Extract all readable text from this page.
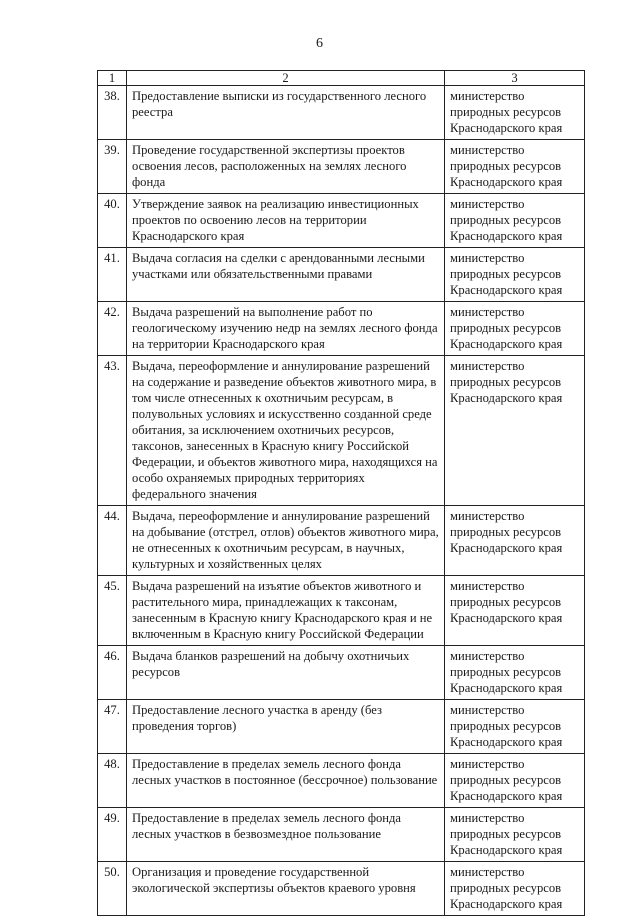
6
1	2	3
38.	Предоставление выписки из государственного лесного реестра	министерство природных ресурсов Краснодарского края
39.	Проведение государственной экспертизы проектов освоения лесов, расположенных на землях лесного фонда	министерство природных ресурсов Краснодарского края
40.	Утверждение заявок на реализацию инвестиционных проектов по освоению лесов на территории Краснодарского края	министерство природных ресурсов Краснодарского края
41.	Выдача согласия на сделки с арендованными лесными участками или обязательственными правами	министерство природных ресурсов Краснодарского края
42.	Выдача разрешений на выполнение работ по геологическому изучению недр на землях лесного фонда на территории Краснодарского края	министерство природных ресурсов Краснодарского края
43.	Выдача, переоформление и аннулирование разрешений на содержание и разведение объектов животного мира, в том числе отнесенных к охотничьим ресурсам, в полувольных условиях и искусственно созданной среде обитания, за исключением охотничьих ресурсов, таксонов, занесенных в Красную книгу Российской Федерации, и объектов животного мира, находящихся на особо охраняемых природных территориях федерального значения	министерство природных ресурсов Краснодарского края
44.	Выдача, переоформление и аннулирование разрешений на добывание (отстрел, отлов) объектов животного мира, не отнесенных к охотничьим ресурсам, в научных, культурных и хозяйственных целях	министерство природных ресурсов Краснодарского края
45.	Выдача разрешений на изъятие объектов животного и растительного мира, принадлежащих к таксонам, занесенным в Красную книгу Краснодарского края и не включенным в Красную книгу Российской Федерации	министерство природных ресурсов Краснодарского края
46.	Выдача бланков разрешений на добычу охотничьих ресурсов	министерство природных ресурсов Краснодарского края
47.	Предоставление лесного участка в аренду (без проведения торгов)	министерство природных ресурсов Краснодарского края
48.	Предоставление в пределах земель лесного фонда лесных участков в постоянное (бессрочное) пользование	министерство природных ресурсов Краснодарского края
49.	Предоставление в пределах земель лесного фонда лесных участков в безвозмездное пользование	министерство природных ресурсов Краснодарского края
50.	Организация и проведение государственной экологической экспертизы объектов краевого уровня	министерство природных ресурсов Краснодарского края
